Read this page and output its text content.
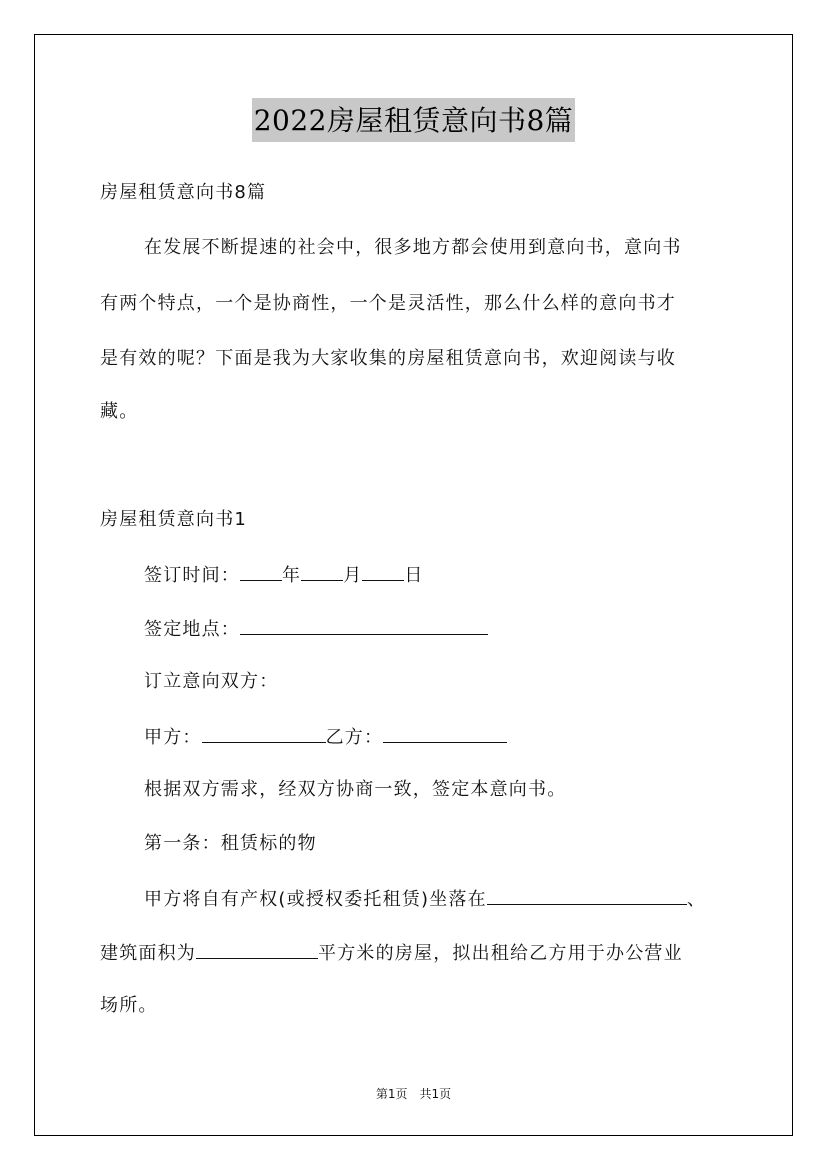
2022房屋租赁意向书8篇
房屋租赁意向书8篇
在发展不断提速的社会中，很多地方都会使用到意向书，意向书
有两个特点，一个是协商性，一个是灵活性，那么什么样的意向书才
是有效的呢？下面是我为大家收集的房屋租赁意向书，欢迎阅读与收
藏。
房屋租赁意向书1
签订时间： 年 月 日
签定地点：
订立意向双方：
甲方：	乙方：
根据双方需求，经双方协商一致，签定本意向书。
第一条：租赁标的物
甲方将自有产权(或授权委托租赁)坐落在	、
建筑面积为	平方米的房屋，拟出租给乙方用于办公营业
场所。
第1页　共1页
